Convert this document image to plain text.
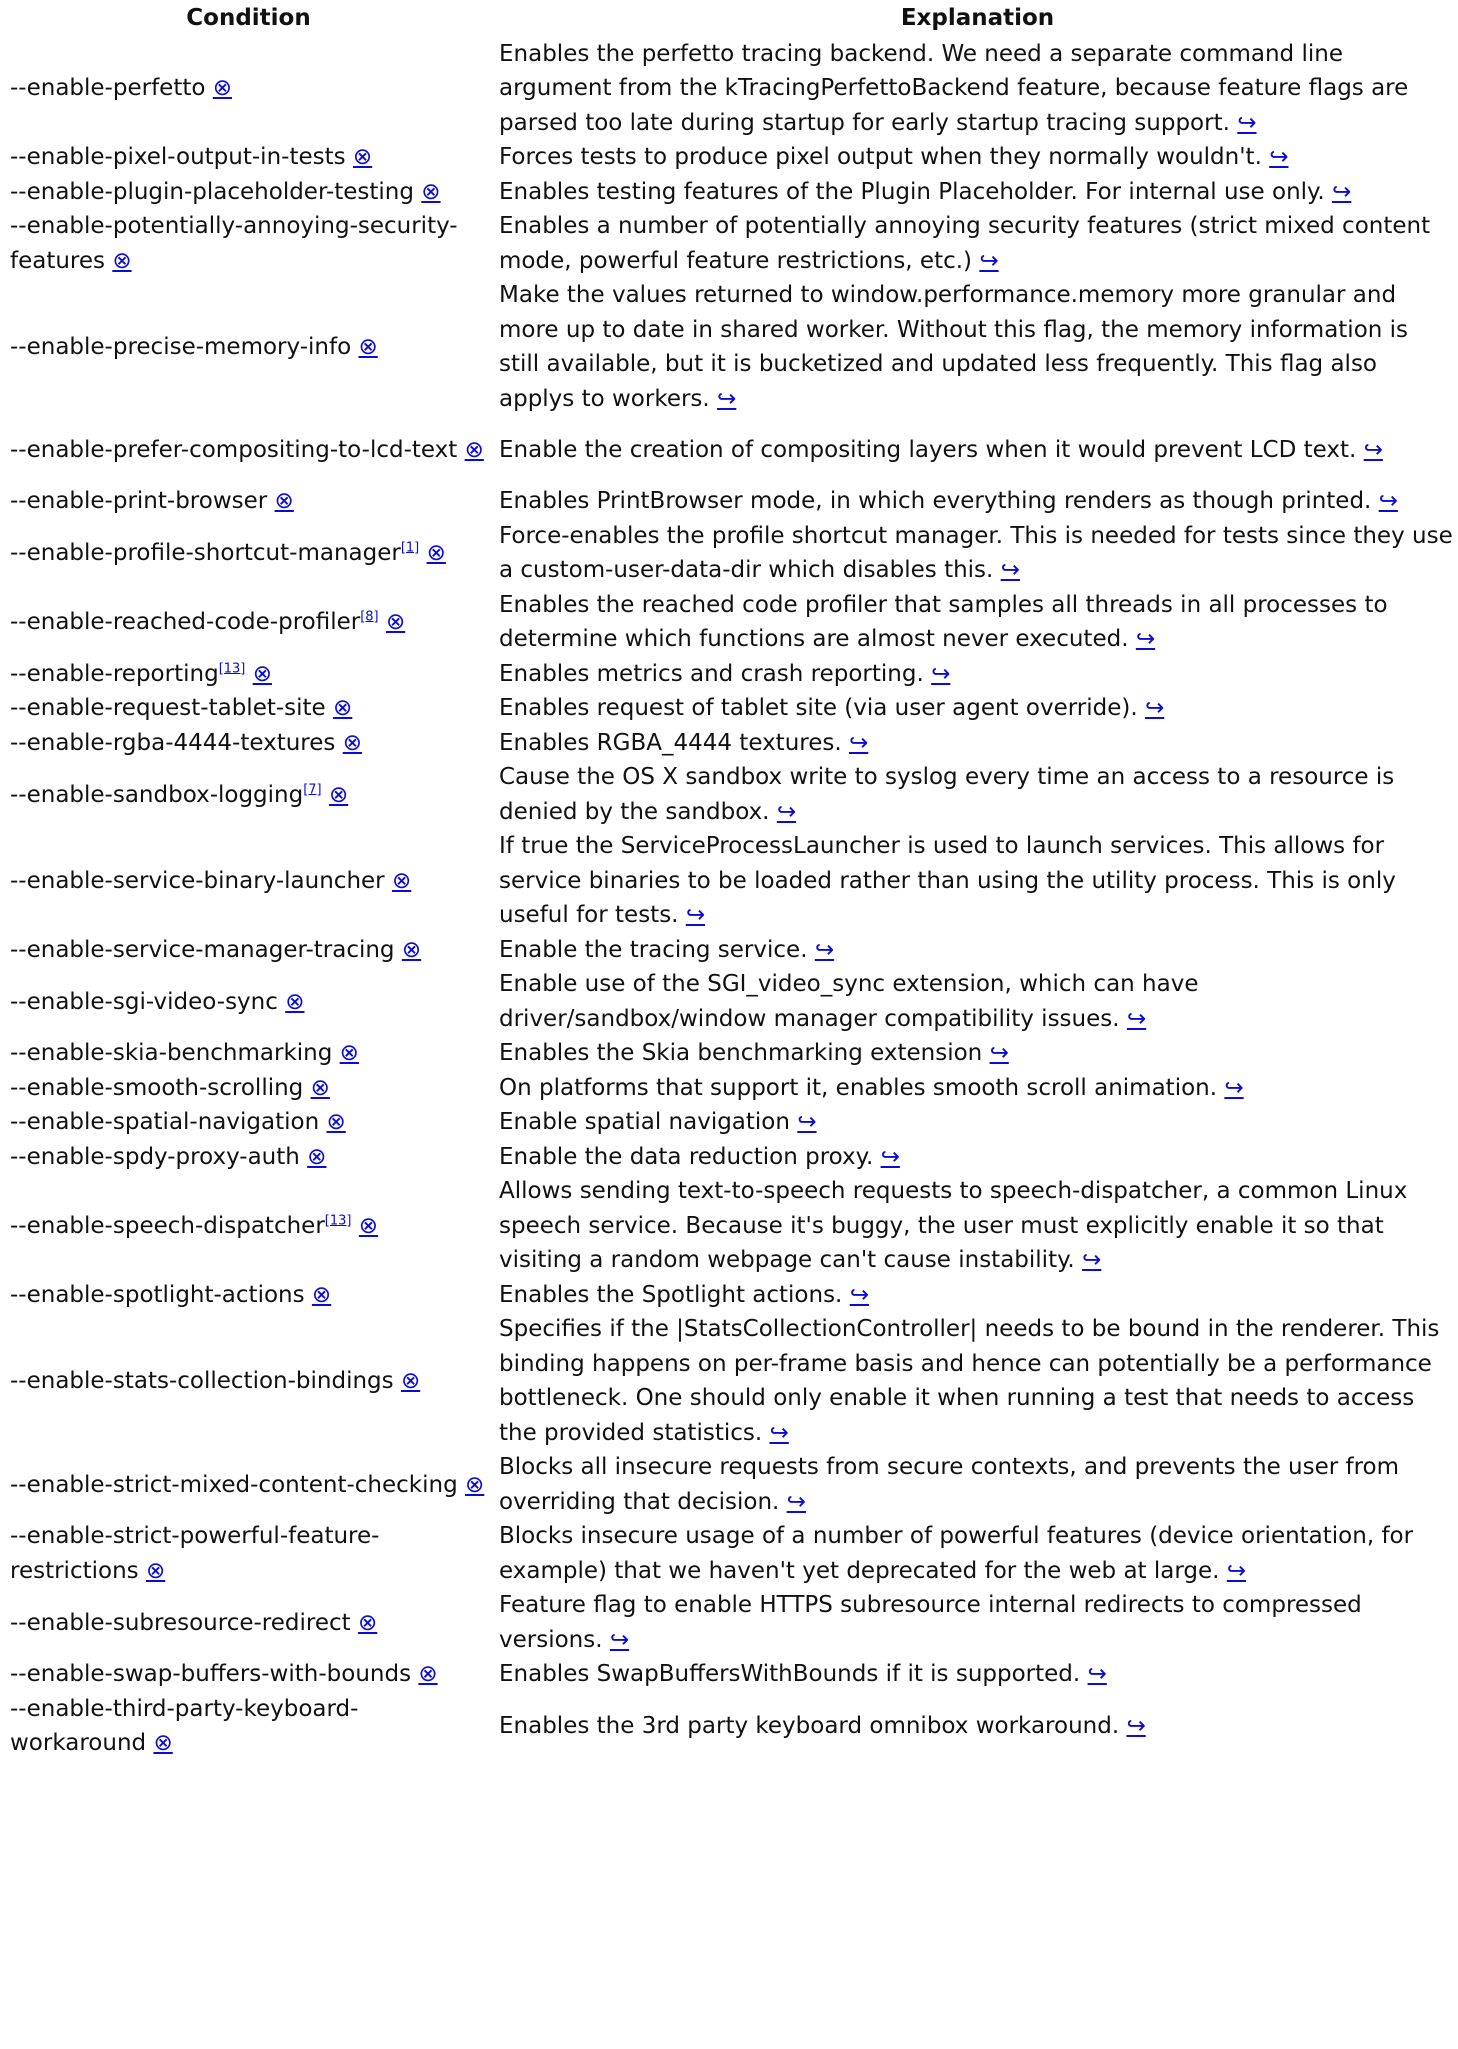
Condition	Explanation
--enable-perfetto ⊗	Enables the perfetto tracing backend. We need a separate command line argument from the kTracingPerfettoBackend feature, because feature flags are parsed too late during startup for early startup tracing support. ↪
--enable-pixel-output-in-tests ⊗	Forces tests to produce pixel output when they normally wouldn't. ↪
--enable-plugin-placeholder-testing ⊗	Enables testing features of the Plugin Placeholder. For internal use only. ↪
--enable-potentially-annoying-security-features ⊗	Enables a number of potentially annoying security features (strict mixed content mode, powerful feature restrictions, etc.) ↪
--enable-precise-memory-info ⊗	Make the values returned to window.performance.memory more granular and more up to date in shared worker. Without this flag, the memory information is still available, but it is bucketized and updated less frequently. This flag also applys to workers. ↪
--enable-prefer-compositing-to-lcd-text ⊗	Enable the creation of compositing layers when it would prevent LCD text. ↪
--enable-print-browser ⊗	Enables PrintBrowser mode, in which everything renders as though printed. ↪
--enable-profile-shortcut-manager[1] ⊗	Force-enables the profile shortcut manager. This is needed for tests since they use a custom-user-data-dir which disables this. ↪
--enable-reached-code-profiler[8] ⊗	Enables the reached code profiler that samples all threads in all processes to determine which functions are almost never executed. ↪
--enable-reporting[13] ⊗	Enables metrics and crash reporting. ↪
--enable-request-tablet-site ⊗	Enables request of tablet site (via user agent override). ↪
--enable-rgba-4444-textures ⊗	Enables RGBA_4444 textures. ↪
--enable-sandbox-logging[7] ⊗	Cause the OS X sandbox write to syslog every time an access to a resource is denied by the sandbox. ↪
--enable-service-binary-launcher ⊗	If true the ServiceProcessLauncher is used to launch services. This allows for service binaries to be loaded rather than using the utility process. This is only useful for tests. ↪
--enable-service-manager-tracing ⊗	Enable the tracing service. ↪
--enable-sgi-video-sync ⊗	Enable use of the SGI_video_sync extension, which can have driver/sandbox/window manager compatibility issues. ↪
--enable-skia-benchmarking ⊗	Enables the Skia benchmarking extension ↪
--enable-smooth-scrolling ⊗	On platforms that support it, enables smooth scroll animation. ↪
--enable-spatial-navigation ⊗	Enable spatial navigation ↪
--enable-spdy-proxy-auth ⊗	Enable the data reduction proxy. ↪
--enable-speech-dispatcher[13] ⊗	Allows sending text-to-speech requests to speech-dispatcher, a common Linux speech service. Because it's buggy, the user must explicitly enable it so that visiting a random webpage can't cause instability. ↪
--enable-spotlight-actions ⊗	Enables the Spotlight actions. ↪
--enable-stats-collection-bindings ⊗	Specifies if the |StatsCollectionController| needs to be bound in the renderer. This binding happens on per-frame basis and hence can potentially be a performance bottleneck. One should only enable it when running a test that needs to access the provided statistics. ↪
--enable-strict-mixed-content-checking ⊗	Blocks all insecure requests from secure contexts, and prevents the user from overriding that decision. ↪
--enable-strict-powerful-feature-restrictions ⊗	Blocks insecure usage of a number of powerful features (device orientation, for example) that we haven't yet deprecated for the web at large. ↪
--enable-subresource-redirect ⊗	Feature flag to enable HTTPS subresource internal redirects to compressed versions. ↪
--enable-swap-buffers-with-bounds ⊗	Enables SwapBuffersWithBounds if it is supported. ↪
--enable-third-party-keyboard-workaround ⊗	Enables the 3rd party keyboard omnibox workaround. ↪
